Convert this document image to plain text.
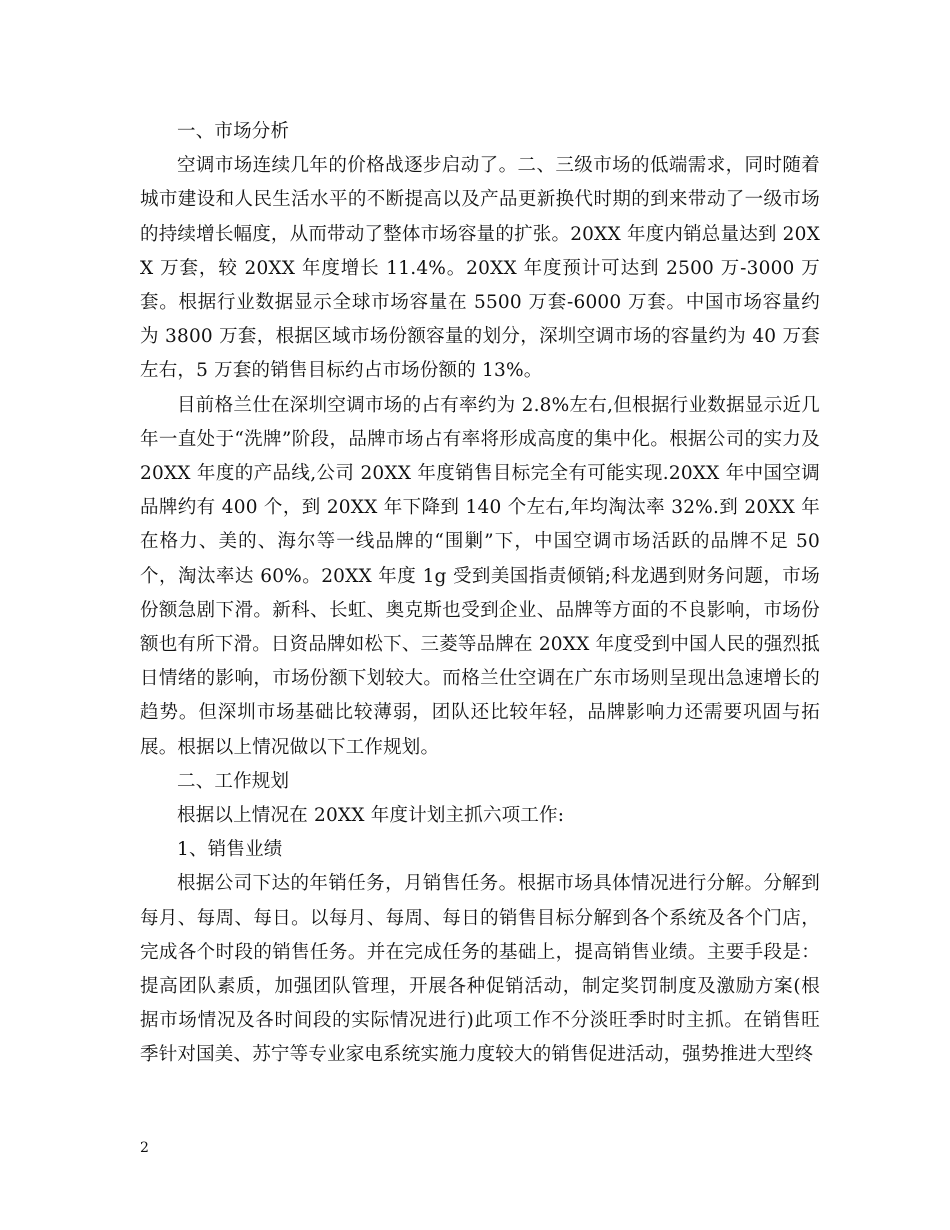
一、市场分析

空调市场连续几年的价格战逐步启动了。二、三级市场的低端需求，同时随着城市建设和人民生活水平的不断提高以及产品更新换代时期的到来带动了一级市场的持续增长幅度，从而带动了整体市场容量的扩张。20XX 年度内销总量达到 20XX 万套，较 20XX 年度增长 11.4%。20XX 年度预计可达到 2500 万-3000 万套。根据行业数据显示全球市场容量在 5500 万套-6000 万套。中国市场容量约为 3800 万套，根据区域市场份额容量的划分，深圳空调市场的容量约为 40 万套左右，5 万套的销售目标约占市场份额的 13%。

目前格兰仕在深圳空调市场的占有率约为 2.8%左右,但根据行业数据显示近几年一直处于“洗牌”阶段，品牌市场占有率将形成高度的集中化。根据公司的实力及 20XX 年度的产品线,公司 20XX 年度销售目标完全有可能实现.20XX 年中国空调品牌约有 400 个，到 20XX 年下降到 140 个左右,年均淘汰率 32%.到 20XX 年在格力、美的、海尔等一线品牌的“围剿”下，中国空调市场活跃的品牌不足 50 个，淘汰率达 60%。20XX 年度 1g 受到美国指责倾销;科龙遇到财务问题，市场份额急剧下滑。新科、长虹、奥克斯也受到企业、品牌等方面的不良影响，市场份额也有所下滑。日资品牌如松下、三菱等品牌在 20XX 年度受到中国人民的强烈抵日情绪的影响，市场份额下划较大。而格兰仕空调在广东市场则呈现出急速增长的趋势。但深圳市场基础比较薄弱，团队还比较年轻，品牌影响力还需要巩固与拓展。根据以上情况做以下工作规划。

二、工作规划

根据以上情况在 20XX 年度计划主抓六项工作:

1、销售业绩

根据公司下达的年销任务，月销售任务。根据市场具体情况进行分解。分解到每月、每周、每日。以每月、每周、每日的销售目标分解到各个系统及各个门店，完成各个时段的销售任务。并在完成任务的基础上，提高销售业绩。主要手段是：提高团队素质，加强团队管理，开展各种促销活动，制定奖罚制度及激励方案(根据市场情况及各时间段的实际情况进行)此项工作不分淡旺季时时主抓。在销售旺季针对国美、苏宁等专业家电系统实施力度较大的销售促进活动，强势推进大型终

2
